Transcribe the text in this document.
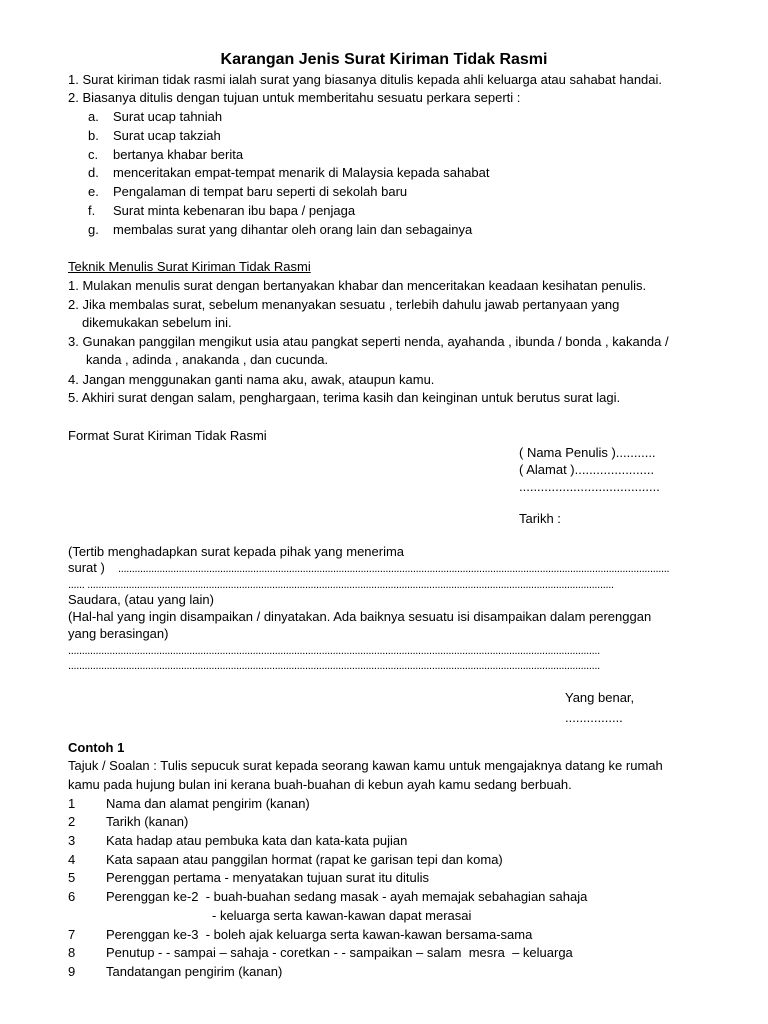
Karangan Jenis Surat Kiriman Tidak Rasmi
1. Surat kiriman tidak rasmi ialah surat yang biasanya ditulis kepada ahli keluarga atau sahabat handai.
2. Biasanya ditulis dengan tujuan untuk memberitahu sesuatu perkara seperti :
a. Surat ucap tahniah
b. Surat ucap takziah
c. bertanya khabar berita
d. menceritakan empat-tempat menarik di Malaysia kepada sahabat
e. Pengalaman di tempat baru seperti di sekolah baru
f. Surat minta kebenaran ibu bapa / penjaga
g. membalas surat yang dihantar oleh orang lain dan sebagainya
Teknik Menulis Surat Kiriman Tidak Rasmi
1. Mulakan menulis surat dengan bertanyakan khabar dan menceritakan keadaan kesihatan penulis.
2. Jika membalas surat, sebelum menanyakan sesuatu , terlebih dahulu jawab pertanyaan yang
dikemukakan sebelum ini.
3. Gunakan panggilan mengikut usia atau pangkat seperti nenda, ayahanda , ibunda / bonda , kakanda /
kanda , adinda , anakanda , dan cucunda.
4. Jangan menggunakan ganti nama aku, awak, ataupun kamu.
5. Akhiri surat dengan salam, penghargaan, terima kasih dan keinginan untuk berutus surat lagi.
Format Surat Kiriman Tidak Rasmi
( Nama Penulis )...........
( Alamat )......................
.......................................
Tarikh :
(Tertib menghadapkan surat kepada pihak yang menerima
surat ) ........................................................................................................................................................................................................
...... ...............................................................................................................................................................................................
Saudara, (atau yang lain)
(Hal-hal yang ingin disampaikan / dinyatakan. Ada baiknya sesuatu isi disampaikan dalam perenggan
yang berasingan)
.................................................................................................................................................................................................
.................................................................................................................................................................................................
Yang benar,
................
Contoh 1
Tajuk / Soalan : Tulis sepucuk surat kepada seorang kawan kamu untuk mengajaknya datang ke rumah
kamu pada hujung bulan ini kerana buah-buahan di kebun ayah kamu sedang berbuah.
1 Nama dan alamat pengirim (kanan)
2 Tarikh (kanan)
3 Kata hadap atau pembuka kata dan kata-kata pujian
4 Kata sapaan atau panggilan hormat (rapat ke garisan tepi dan koma)
5 Perenggan pertama - menyatakan tujuan surat itu ditulis
6 Perenggan ke-2  - buah-buahan sedang masak - ayah memajak sebahagian sahaja
- keluarga serta kawan-kawan dapat merasai
7 Perenggan ke-3  - boleh ajak keluarga serta kawan-kawan bersama-sama
8 Penutup - - sampai – sahaja - coretkan - - sampaikan – salam  mesra  – keluarga
9 Tandatangan pengirim (kanan)
